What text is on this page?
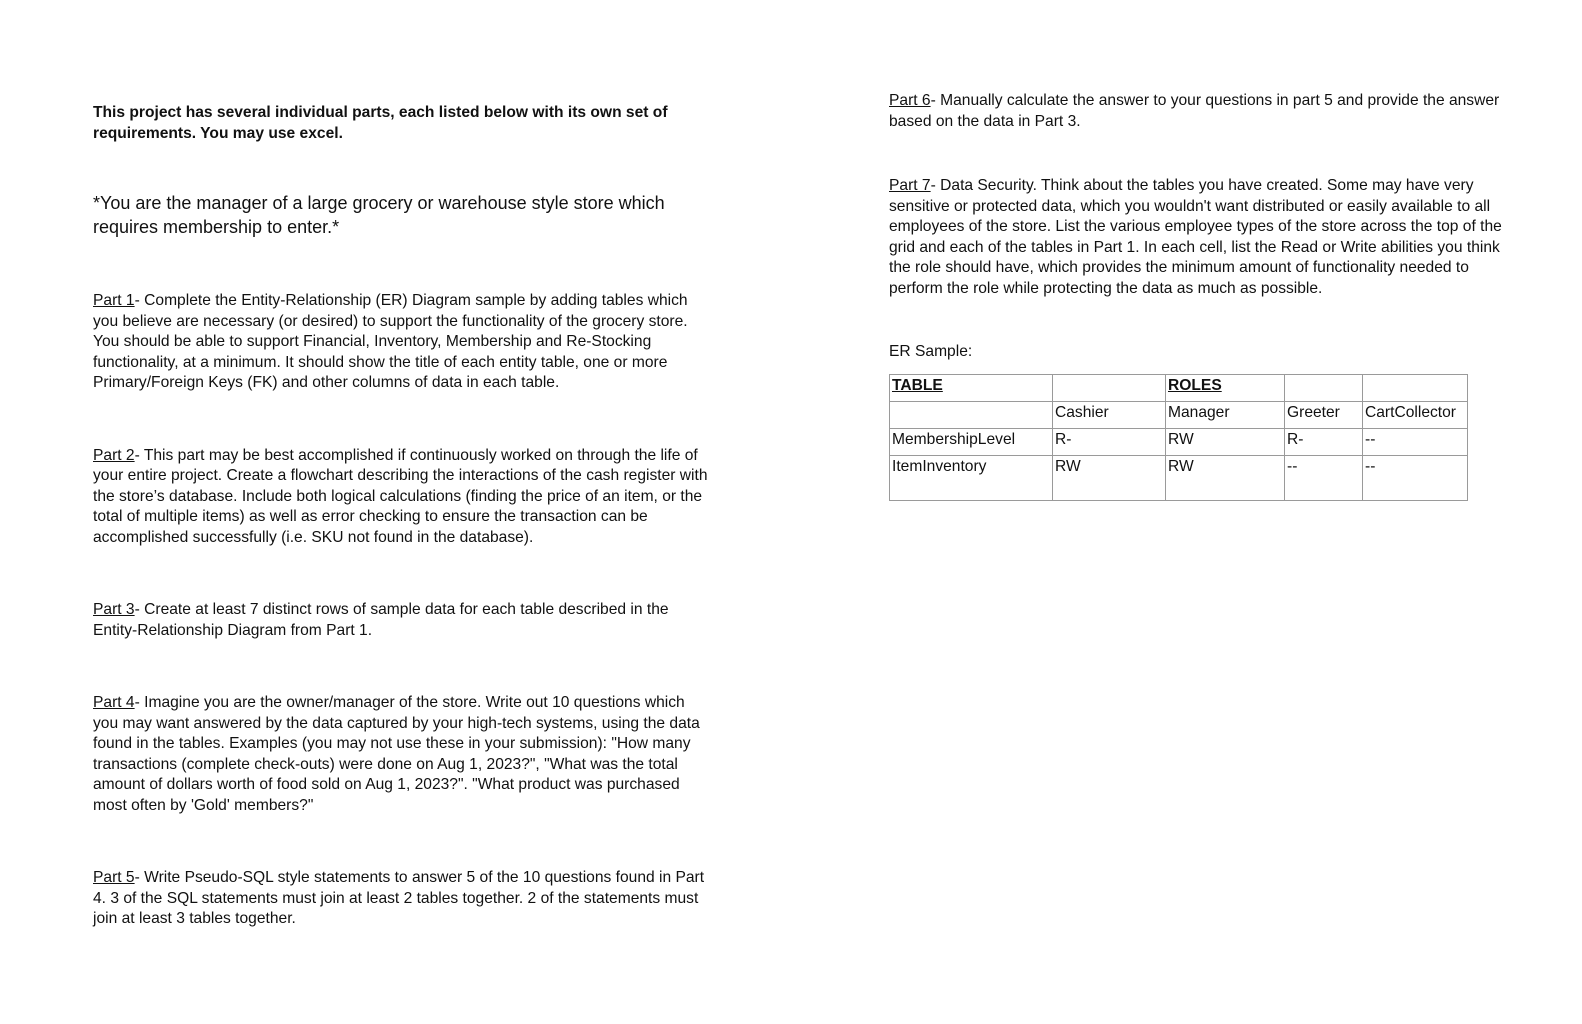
This project has several individual parts, each listed below with its own set of requirements. You may use excel.

*You are the manager of a large grocery or warehouse style store which requires membership to enter.*

Part 1- Complete the Entity-Relationship (ER) Diagram sample by adding tables which you believe are necessary (or desired) to support the functionality of the grocery store. You should be able to support Financial, Inventory, Membership and Re-Stocking functionality, at a minimum. It should show the title of each entity table, one or more Primary/Foreign Keys (FK) and other columns of data in each table.

Part 2- This part may be best accomplished if continuously worked on through the life of your entire project. Create a flowchart describing the interactions of the cash register with the store’s database. Include both logical calculations (finding the price of an item, or the total of multiple items) as well as error checking to ensure the transaction can be accomplished successfully (i.e. SKU not found in the database).

Part 3- Create at least 7 distinct rows of sample data for each table described in the Entity-Relationship Diagram from Part 1.

Part 4- Imagine you are the owner/manager of the store. Write out 10 questions which you may want answered by the data captured by your high-tech systems, using the data found in the tables. Examples (you may not use these in your submission): "How many transactions (complete check-outs) were done on Aug 1, 2023?", "What was the total amount of dollars worth of food sold on Aug 1, 2023?". "What product was purchased most often by 'Gold' members?"

Part 5- Write Pseudo-SQL style statements to answer 5 of the 10 questions found in Part 4. 3 of the SQL statements must join at least 2 tables together. 2 of the statements must join at least 3 tables together.

Part 6- Manually calculate the answer to your questions in part 5 and provide the answer based on the data in Part 3.

Part 7- Data Security. Think about the tables you have created. Some may have very sensitive or protected data, which you wouldn't want distributed or easily available to all employees of the store. List the various employee types of the store across the top of the grid and each of the tables in Part 1. In each cell, list the Read or Write abilities you think the role should have, which provides the minimum amount of functionality needed to perform the role while protecting the data as much as possible.

ER Sample:
TABLE		ROLES		
	Cashier	Manager	Greeter	CartCollector
MembershipLevel	R-	RW	R-	--
ItemInventory	RW	RW	--	--
